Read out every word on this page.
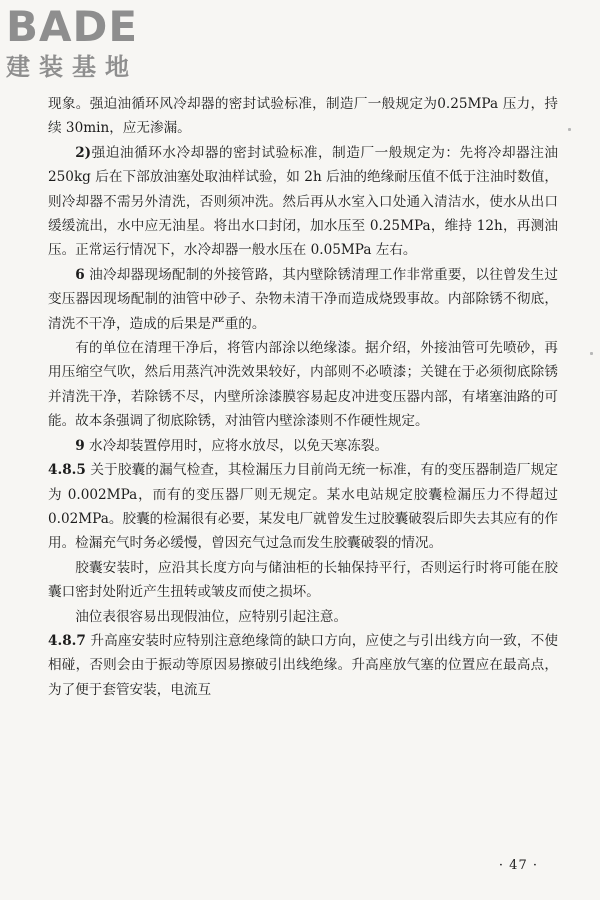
BADE
建装基地

现象。强迫油循环风冷却器的密封试验标准，制造厂一般规定为0.25MPa 压力，持续 30min，应无渗漏。

2)强迫油循环水冷却器的密封试验标准，制造厂一般规定为：先将冷却器注油 250kg 后在下部放油塞处取油样试验，如 2h 后油的绝缘耐压值不低于注油时数值，则冷却器不需另外清洗，否则须冲洗。然后再从水室入口处通入清洁水，使水从出口缓缓流出，水中应无油星。将出水口封闭，加水压至 0.25MPa，维持 12h，再测油压。正常运行情况下，水冷却器一般水压在 0.05MPa 左右。

6 油冷却器现场配制的外接管路，其内壁除锈清理工作非常重要，以往曾发生过变压器因现场配制的油管中砂子、杂物未清干净而造成烧毁事故。内部除锈不彻底，清洗不干净，造成的后果是严重的。

有的单位在清理干净后，将管内部涂以绝缘漆。据介绍，外接油管可先喷砂，再用压缩空气吹，然后用蒸汽冲洗效果较好，内部则不必喷漆；关键在于必须彻底除锈并清洗干净，若除锈不尽，内壁所涂漆膜容易起皮冲进变压器内部，有堵塞油路的可能。故本条强调了彻底除锈，对油管内壁涂漆则不作硬性规定。

9 水冷却装置停用时，应将水放尽，以免天寒冻裂。

4.8.5 关于胶囊的漏气检查，其检漏压力目前尚无统一标准，有的变压器制造厂规定为 0.002MPa，而有的变压器厂则无规定。某水电站规定胶囊检漏压力不得超过 0.02MPa。胶囊的检漏很有必要，某发电厂就曾发生过胶囊破裂后即失去其应有的作用。检漏充气时务必缓慢，曾因充气过急而发生胶囊破裂的情况。

胶囊安装时，应沿其长度方向与储油柜的长轴保持平行，否则运行时将可能在胶囊口密封处附近产生扭转或皱皮而使之损坏。

油位表很容易出现假油位，应特别引起注意。

4.8.7 升高座安装时应特别注意绝缘筒的缺口方向，应使之与引出线方向一致，不使相碰，否则会由于振动等原因易擦破引出线绝缘。升高座放气塞的位置应在最高点，为了便于套管安装，电流互

· 47 ·
